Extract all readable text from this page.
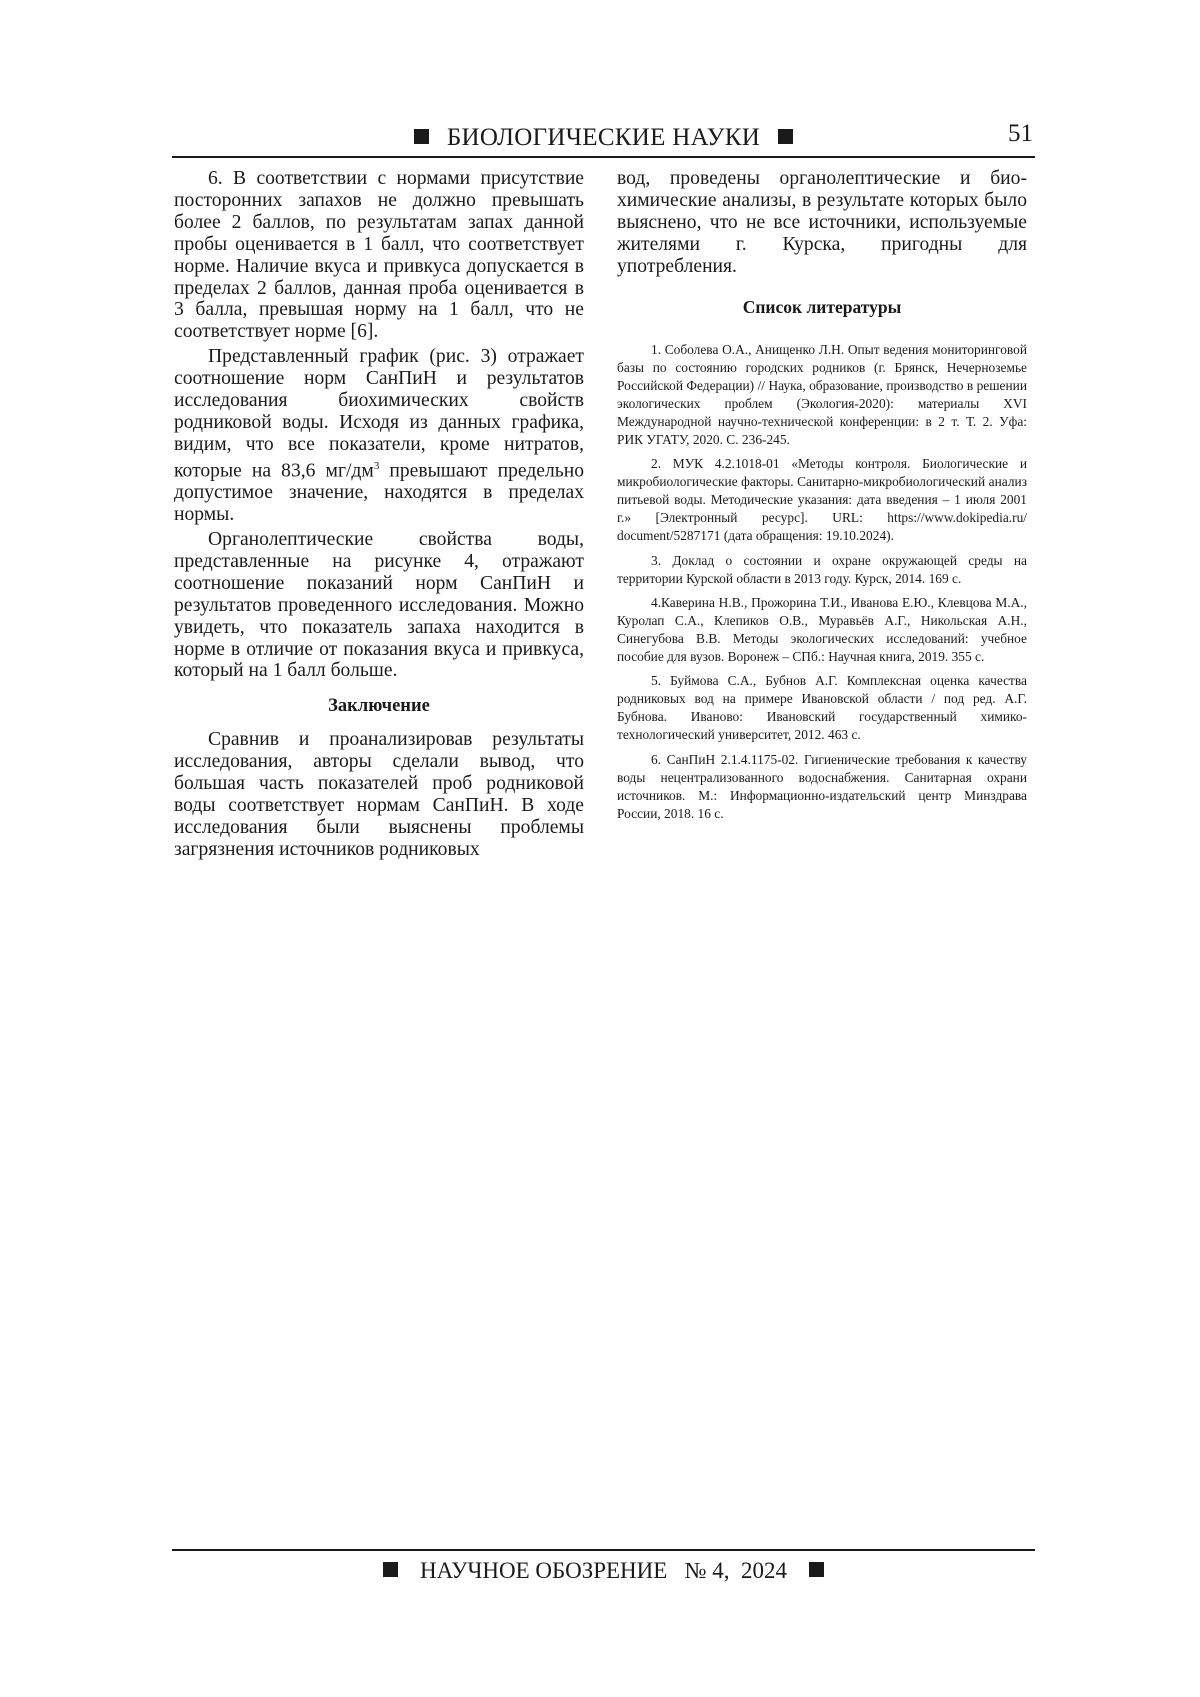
БИОЛОГИЧЕСКИЕ НАУКИ	51

6. В соответствии с нормами присутствие посторонних запахов не должно превышать более 2 баллов, по результатам запах данной пробы оценивается в 1 балл, что соответствует норме. Наличие вкуса и привкуса допускается в пределах 2 баллов, данная проба оценивается в 3 балла, превышая норму на 1 балл, что не соответствует норме [6].

Представленный график (рис. 3) отражает соотношение норм СанПиН и результатов исследования биохимических свойств родниковой воды. Исходя из данных графика, видим, что все показатели, кроме нитратов, которые на 83,6 $мг/дм^3$ превышают предельно допустимое значение, находятся в пределах нормы.

Органолептические свойства воды, представленные на рисунке 4, отражают соотношение показаний норм СанПиН и результатов проведенного исследования. Можно увидеть, что показатель запаха находится в норме в отличие от показания вкуса и привкуса, который на 1 балл больше.

Заключение

Сравнив и проанализировав результаты исследования, авторы сделали вывод, что большая часть показателей проб родниковой воды соответствует нормам СанПиН. В ходе исследования были выяснены проблемы загрязнения источников родниковых

вод, проведены органолептические и биохимические анализы, в результате которых было выяснено, что не все источники, используемые жителями г. Курска, пригодны для употребления.

Список литературы

1. Соболева О.А., Анищенко Л.Н. Опыт ведения мониторинговой базы по состоянию городских родников (г. Брянск, Нечерноземье Российской Федерации) // Наука, образование, производство в решении экологических проблем (Экология-2020): материалы XVI Международной научно-технической конференции: в 2 т. Т. 2. Уфа: РИК УГАТУ, 2020. С. 236-245.

2. МУК 4.2.1018-01 «Методы контроля. Биологические и микробиологические факторы. Санитарно-микробиологический анализ питьевой воды. Методические указания: дата введения – 1 июля 2001 г.» [Электронный ресурс]. URL: https://www.dokipedia.ru/ document/5287171 (дата обращения: 19.10.2024).

3. Доклад о состоянии и охране окружающей среды на территории Курской области в 2013 году. Курск, 2014. 169 с.

4.Каверина Н.В., Прожорина Т.И., Иванова Е.Ю., Клевцова М.А., Куролап С.А., Клепиков О.В., Муравьёв А.Г., Никольская А.Н., Синегубова В.В. Методы экологических исследований: учебное пособие для вузов. Воронеж – СПб.: Научная книга, 2019. 355 с.

5. Буймова С.А., Бубнов А.Г. Комплексная оценка качества родниковых вод на примере Ивановской области / под ред. А.Г. Бубнова. Иваново: Ивановский государственный химико-технологический университет, 2012. 463 с.

6. СанПиН 2.1.4.1175-02. Гигиенические требования к качеству воды нецентрализованного водоснабжения. Санитарная охрани источников. М.: Информационно-издательский центр Минздрава России, 2018. 16 с.

НАУЧНОЕ ОБОЗРЕНИЕ № 4, 2024
